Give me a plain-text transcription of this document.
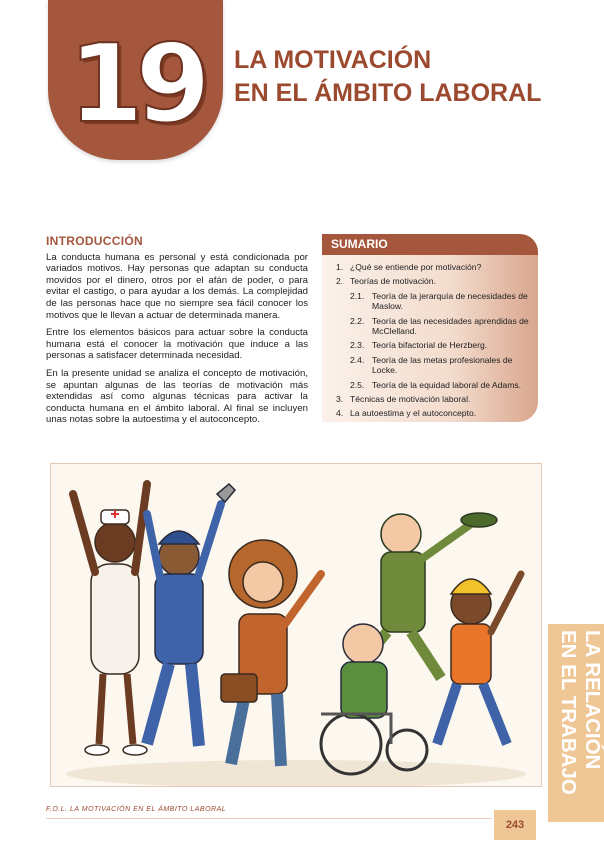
19	LA MOTIVACIÓN
EN EL ÁMBITO LABORAL
INTRODUCCIÓN

La conducta humana es personal y está condicionada por variados motivos. Hay personas que adaptan su conducta movidos por el dinero, otros por el afán de poder, o para evitar el castigo, o para ayudar a los demás. La complejidad de las personas hace que no siempre sea fácil conocer los motivos que le llevan a actuar de determinada manera.

Entre los elementos básicos para actuar sobre la conducta humana está el conocer la motivación que induce a las personas a satisfacer determinada necesidad.

En la presente unidad se analiza el concepto de motivación, se apuntan algunas de las teorías de motivación más extendidas así como algunas técnicas para activar la conducta humana en el ámbito laboral. Al final se incluyen unas notas sobre la autoestima y el autoconcepto.

SUMARIO
1. ¿Qué se entiende por motivación?
2. Teorías de motivación.
2.1. Teoría de la jerarquía de necesidades de Maslow.
2.2. Teoría de las necesidades aprendidas de McClelland.
2.3. Teoría bifactorial de Herzberg.
2.4. Teoría de las metas profesionales de Locke.
2.5. Teoría de la equidad laboral de Adams.
3. Técnicas de motivación laboral.
4. La autoestima y el autoconcepto.
LA RELACIÓN
EN EL TRABAJO
F.O.L. LA MOTIVACIÓN EN EL ÁMBITO LABORAL
243
